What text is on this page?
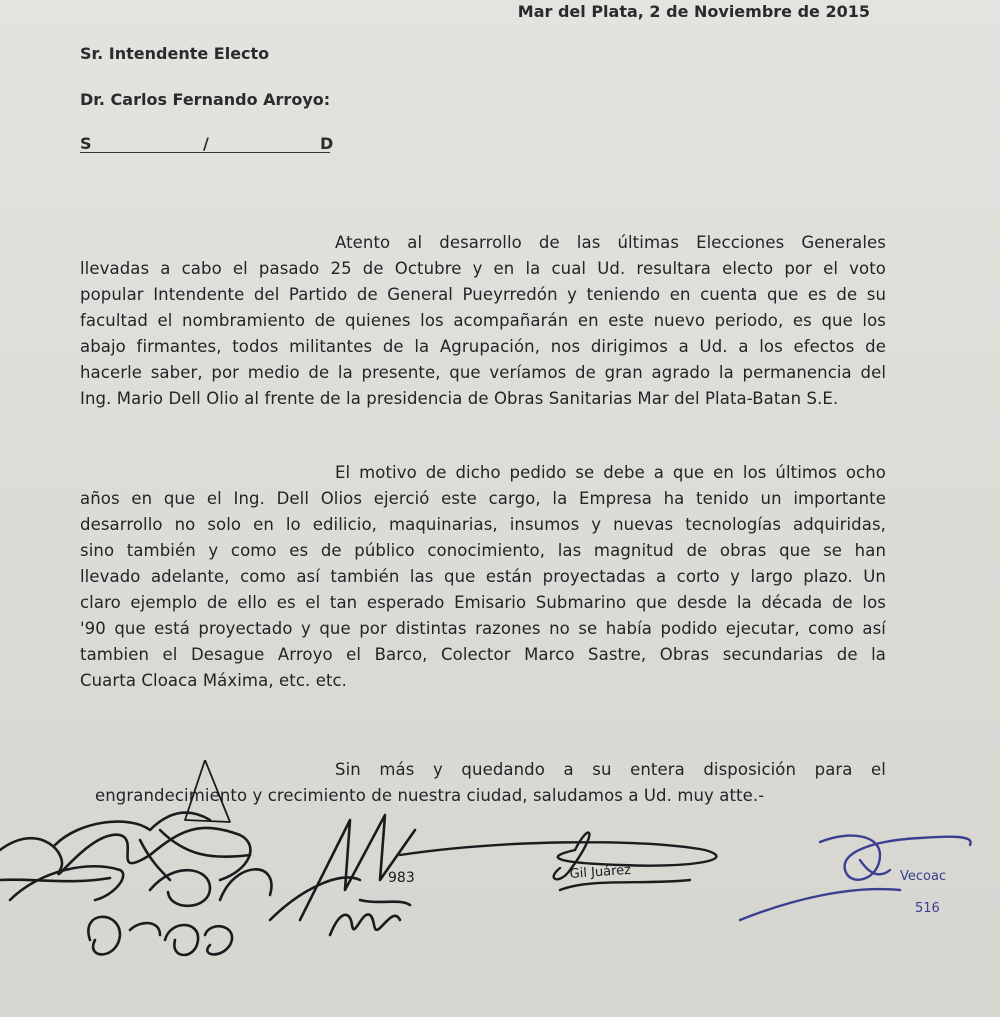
Mar del Plata, 2 de Noviembre de 2015
Sr. Intendente Electo
Dr. Carlos Fernando Arroyo:
S	/	D
Atento al desarrollo de las últimas Elecciones Generales
llevadas a cabo el pasado 25 de Octubre y en la cual Ud. resultara electo por el voto
popular Intendente del Partido de General Pueyrredón y teniendo en cuenta que es de su
facultad el nombramiento de quienes los acompañarán en este nuevo periodo, es que los
abajo firmantes, todos militantes de la Agrupación, nos dirigimos a Ud. a los efectos de
hacerle saber, por medio de la presente, que veríamos de gran agrado la permanencia del
Ing. Mario Dell Olio al frente de la presidencia de Obras Sanitarias Mar del Plata-Batan S.E.
El motivo de dicho pedido se debe a que en los últimos ocho
años en que el Ing. Dell Olios ejerció este cargo, la Empresa ha tenido un importante
desarrollo no solo en lo edilicio, maquinarias, insumos y nuevas tecnologías adquiridas,
sino también y como es de público conocimiento, las magnitud de obras que se han
llevado adelante, como así también las que están proyectadas a corto y largo plazo. Un
claro ejemplo de ello es el tan esperado Emisario Submarino que desde la década de los
'90 que está proyectado y que por distintas razones no se había podido ejecutar, como así
tambien el Desague Arroyo el Barco, Colector Marco Sastre, Obras secundarias de la
Cuarta Cloaca Máxima, etc. etc.
Sin más y quedando a su entera disposición para el
engrandecimiento y crecimiento de nuestra ciudad, saludamos a Ud. muy atte.-
983	Gil Juárez	Vecoac
516
